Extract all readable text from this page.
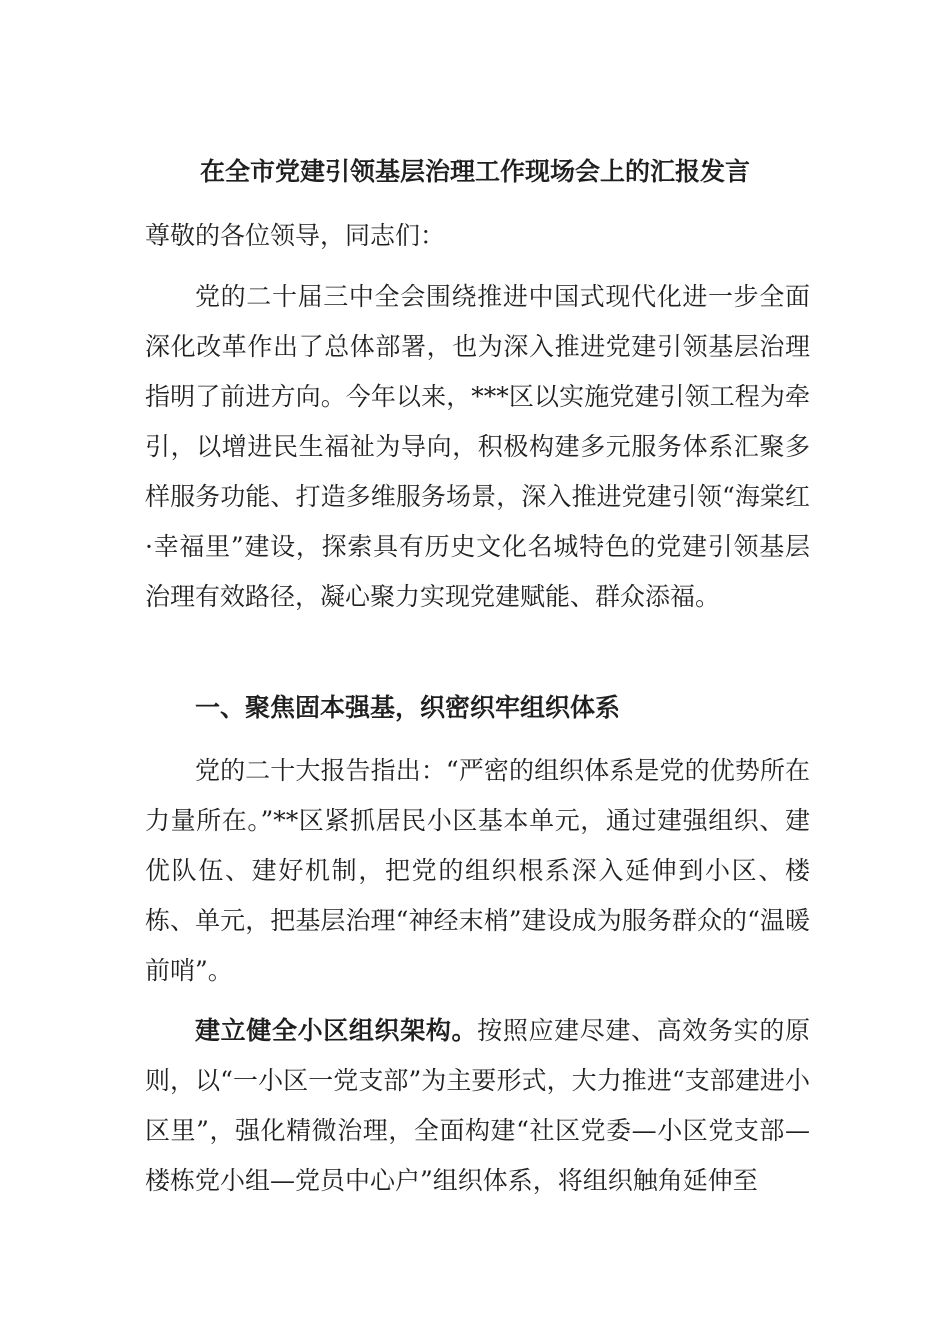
在全市党建引领基层治理工作现场会上的汇报发言
尊敬的各位领导，同志们：

党的二十届三中全会围绕推进中国式现代化进一步全面深化改革作出了总体部署，也为深入推进党建引领基层治理指明了前进方向。今年以来，***区以实施党建引领工程为牵引，以增进民生福祉为导向，积极构建多元服务体系汇聚多样服务功能、打造多维服务场景，深入推进党建引领“海棠红·幸福里”建设，探索具有历史文化名城特色的党建引领基层治理有效路径，凝心聚力实现党建赋能、群众添福。

一、聚焦固本强基，织密织牢组织体系

党的二十大报告指出：“严密的组织体系是党的优势所在力量所在。”**区紧抓居民小区基本单元，通过建强组织、建优队伍、建好机制，把党的组织根系深入延伸到小区、楼栋、单元，把基层治理“神经末梢”建设成为服务群众的“温暖前哨”。

建立健全小区组织架构。按照应建尽建、高效务实的原则，以“一小区一党支部”为主要形式，大力推进“支部建进小区里”，强化精微治理，全面构建“社区党委—小区党支部—楼栋党小组—党员中心户”组织体系，将组织触角延伸至
